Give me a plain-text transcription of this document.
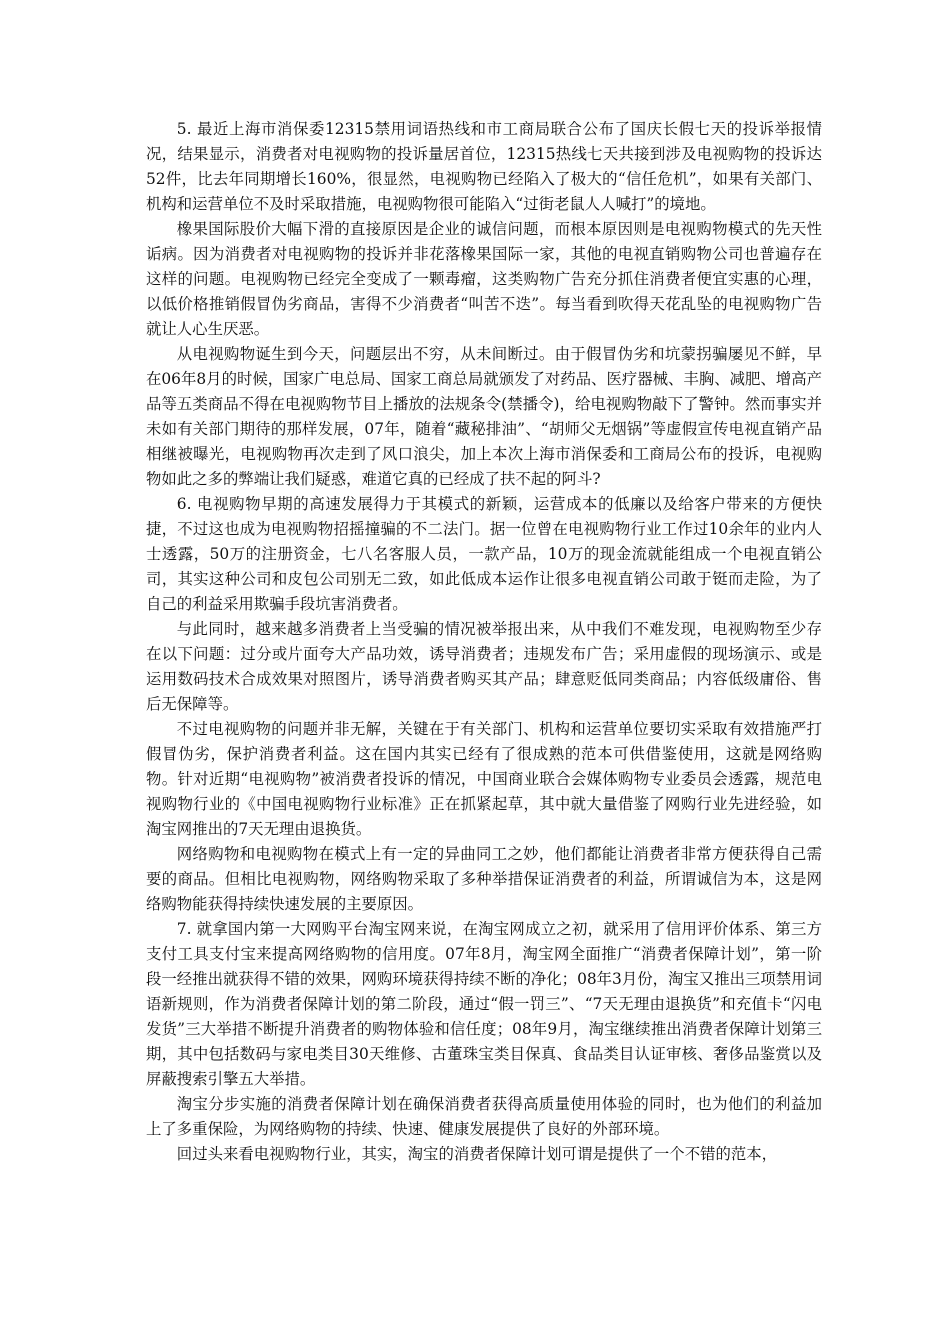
5. 最近上海市消保委12315禁用词语热线和市工商局联合公布了国庆长假七天的投诉举报情况，结果显示，消费者对电视购物的投诉量居首位，12315热线七天共接到涉及电视购物的投诉达52件，比去年同期增长160%，很显然，电视购物已经陷入了极大的“信任危机”，如果有关部门、机构和运营单位不及时采取措施，电视购物很可能陷入“过街老鼠人人喊打”的境地。

橡果国际股价大幅下滑的直接原因是企业的诚信问题，而根本原因则是电视购物模式的先天性诟病。因为消费者对电视购物的投诉并非花落橡果国际一家，其他的电视直销购物公司也普遍存在这样的问题。电视购物已经完全变成了一颗毒瘤，这类购物广告充分抓住消费者便宜实惠的心理，以低价格推销假冒伪劣商品，害得不少消费者“叫苦不迭”。每当看到吹得天花乱坠的电视购物广告就让人心生厌恶。

从电视购物诞生到今天，问题层出不穷，从未间断过。由于假冒伪劣和坑蒙拐骗屡见不鲜，早在06年8月的时候，国家广电总局、国家工商总局就颁发了对药品、医疗器械、丰胸、减肥、增高产品等五类商品不得在电视购物节目上播放的法规条令(禁播令)，给电视购物敲下了警钟。然而事实并未如有关部门期待的那样发展，07年，随着“藏秘排油”、“胡师父无烟锅”等虚假宣传电视直销产品相继被曝光，电视购物再次走到了风口浪尖，加上本次上海市消保委和工商局公布的投诉，电视购物如此之多的弊端让我们疑惑，难道它真的已经成了扶不起的阿斗?

6. 电视购物早期的高速发展得力于其模式的新颖，运营成本的低廉以及给客户带来的方便快捷，不过这也成为电视购物招摇撞骗的不二法门。据一位曾在电视购物行业工作过10余年的业内人士透露，50万的注册资金，七八名客服人员，一款产品，10万的现金流就能组成一个电视直销公司，其实这种公司和皮包公司别无二致，如此低成本运作让很多电视直销公司敢于铤而走险，为了自己的利益采用欺骗手段坑害消费者。

与此同时，越来越多消费者上当受骗的情况被举报出来，从中我们不难发现，电视购物至少存在以下问题：过分或片面夸大产品功效，诱导消费者；违规发布广告；采用虚假的现场演示、或是运用数码技术合成效果对照图片，诱导消费者购买其产品；肆意贬低同类商品；内容低级庸俗、售后无保障等。

不过电视购物的问题并非无解，关键在于有关部门、机构和运营单位要切实采取有效措施严打假冒伪劣，保护消费者利益。这在国内其实已经有了很成熟的范本可供借鉴使用，这就是网络购物。针对近期“电视购物”被消费者投诉的情况，中国商业联合会媒体购物专业委员会透露，规范电视购物行业的《中国电视购物行业标准》正在抓紧起草，其中就大量借鉴了网购行业先进经验，如淘宝网推出的7天无理由退换货。

网络购物和电视购物在模式上有一定的异曲同工之妙，他们都能让消费者非常方便获得自己需要的商品。但相比电视购物，网络购物采取了多种举措保证消费者的利益，所谓诚信为本，这是网络购物能获得持续快速发展的主要原因。

7. 就拿国内第一大网购平台淘宝网来说，在淘宝网成立之初，就采用了信用评价体系、第三方支付工具支付宝来提高网络购物的信用度。07年8月，淘宝网全面推广“消费者保障计划”，第一阶段一经推出就获得不错的效果，网购环境获得持续不断的净化；08年3月份，淘宝又推出三项禁用词语新规则，作为消费者保障计划的第二阶段，通过“假一罚三”、“7天无理由退换货”和充值卡“闪电发货”三大举措不断提升消费者的购物体验和信任度；08年9月，淘宝继续推出消费者保障计划第三期，其中包括数码与家电类目30天维修、古董珠宝类目保真、食品类目认证审核、奢侈品鉴赏以及屏蔽搜索引擎五大举措。

淘宝分步实施的消费者保障计划在确保消费者获得高质量使用体验的同时，也为他们的利益加上了多重保险，为网络购物的持续、快速、健康发展提供了良好的外部环境。

回过头来看电视购物行业，其实，淘宝的消费者保障计划可谓是提供了一个不错的范本，
